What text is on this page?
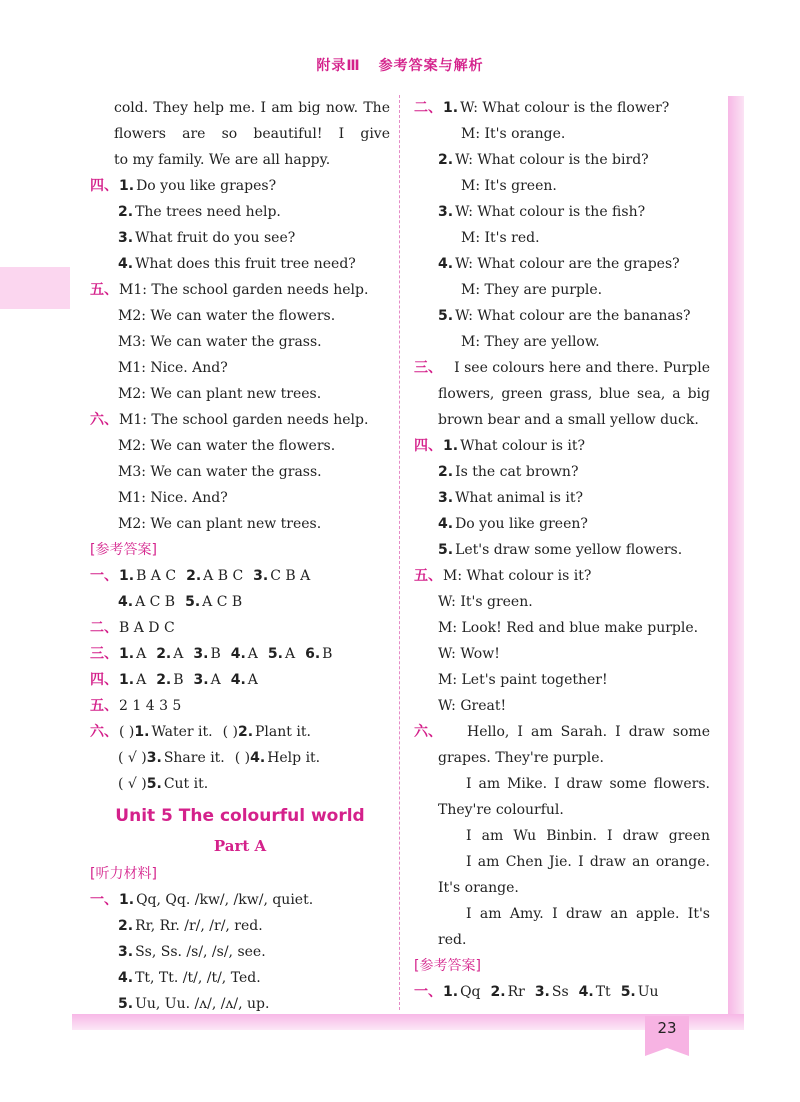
附录Ⅲ 参考答案与解析
cold. They help me. I am big now. The
flowers are so beautiful! I give
to my family. We are all happy.
四、1. Do you like grapes?
2. The trees need help.
3. What fruit do you see?
4. What does this fruit tree need?
五、M1: The school garden needs help.
M2: We can water the flowers.
M3: We can water the grass.
M1: Nice. And?
M2: We can plant new trees.
六、M1: The school garden needs help.
M2: We can water the flowers.
M3: We can water the grass.
M1: Nice. And?
M2: We can plant new trees.
[参考答案]
一、1. B A C 2. A B C 3. C B A
4. A C B 5. A C B
二、B A D C
三、1. A 2. A 3. B 4. A 5. A 6. B
四、1. A 2. B 3. A 4. A
五、2 1 4 3 5
六、( )1. Water it. ( )2. Plant it.
( √ )3. Share it. ( )4. Help it.
( √ )5. Cut it.
Unit 5 The colourful world
Part A
[听力材料]
一、1. Qq, Qq. /kw/, /kw/, quiet.
2. Rr, Rr. /r/, /r/, red.
3. Ss, Ss. /s/, /s/, see.
4. Tt, Tt. /t/, /t/, Ted.
5. Uu, Uu. /ʌ/, /ʌ/, up.
二、1. W: What colour is the flower?
M: It's orange.
2. W: What colour is the bird?
M: It's green.
3. W: What colour is the fish?
M: It's red.
4. W: What colour are the grapes?
M: They are purple.
5. W: What colour are the bananas?
M: They are yellow.
三、 I see colours here and there. Purple
flowers, green grass, blue sea, a big
brown bear and a small yellow duck.
四、1. What colour is it?
2. Is the cat brown?
3. What animal is it?
4. Do you like green?
5. Let's draw some yellow flowers.
五、M: What colour is it?
W: It's green.
M: Look! Red and blue make purple.
W: Wow!
M: Let's paint together!
W: Great!
六、	Hello, I am Sarah. I draw some
grapes. They're purple.
I am Mike. I draw some flowers.
They're colourful.
I am Wu Binbin. I draw green
I am Chen Jie. I draw an orange.
It's orange.
I am Amy. I draw an apple. It's
red.
[参考答案]
一、1. Qq 2. Rr 3. Ss 4. Tt 5. Uu
23
